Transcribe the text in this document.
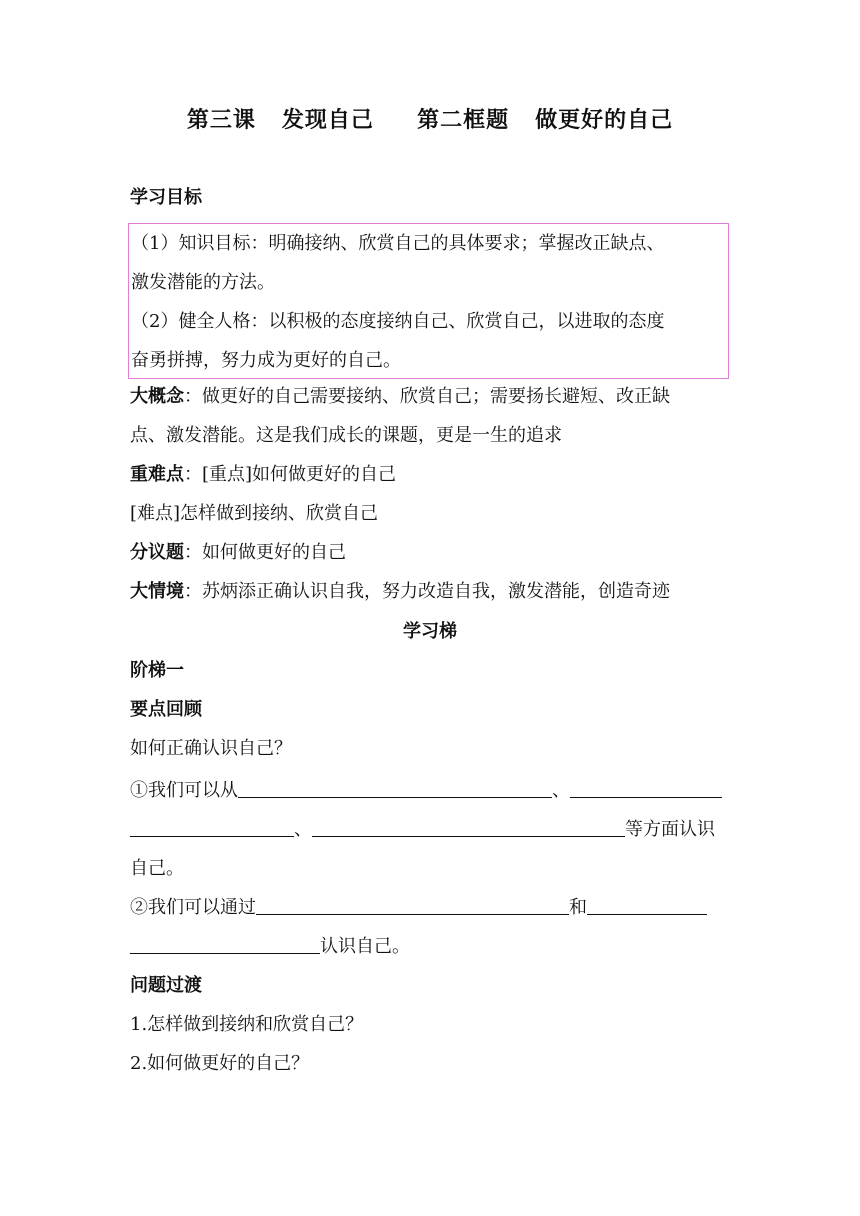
第三课   发现自己     第二框题   做更好的自己
学习目标
（1）知识目标：明确接纳、欣赏自己的具体要求；掌握改正缺点、
激发潜能的方法。
（2）健全人格：以积极的态度接纳自己、欣赏自己，以进取的态度
奋勇拼搏，努力成为更好的自己。
大概念：做更好的自己需要接纳、欣赏自己；需要扬长避短、改正缺
点、激发潜能。这是我们成长的课题，更是一生的追求
重难点：[重点]如何做更好的自己
[难点]怎样做到接纳、欣赏自己
分议题：如何做更好的自己
大情境：苏炳添正确认识自我，努力改造自我，激发潜能，创造奇迹
学习梯
阶梯一
要点回顾
如何正确认识自己？
①我们可以从	、
、	等方面认识
自己。
②我们可以通过	和
认识自己。
问题过渡
1.怎样做到接纳和欣赏自己？
2.如何做更好的自己？
